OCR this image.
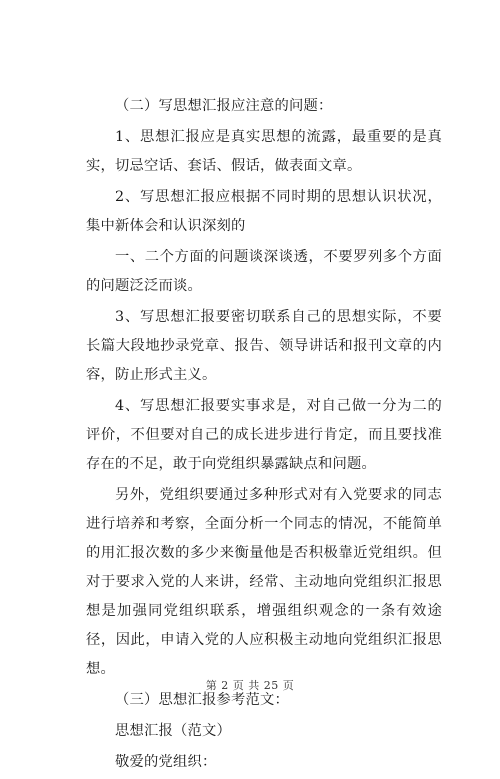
（二）写思想汇报应注意的问题：

1、思想汇报应是真实思想的流露，最重要的是真实，切忌空话、套话、假话，做表面文章。

2、写思想汇报应根据不同时期的思想认识状况，集中新体会和认识深刻的

一、二个方面的问题谈深谈透，不要罗列多个方面的问题泛泛而谈。

3、写思想汇报要密切联系自己的思想实际，不要长篇大段地抄录党章、报告、领导讲话和报刊文章的内容，防止形式主义。

4、写思想汇报要实事求是，对自己做一分为二的评价，不但要对自己的成长进步进行肯定，而且要找准存在的不足，敢于向党组织暴露缺点和问题。

另外，党组织要通过多种形式对有入党要求的同志进行培养和考察，全面分析一个同志的情况，不能简单的用汇报次数的多少来衡量他是否积极靠近党组织。但对于要求入党的人来讲，经常、主动地向党组织汇报思想是加强同党组织联系，增强组织观念的一条有效途径，因此，申请入党的人应积极主动地向党组织汇报思想。

（三）思想汇报参考范文：

思想汇报（范文）

敬爱的党组织：

第 2 页 共 25 页
